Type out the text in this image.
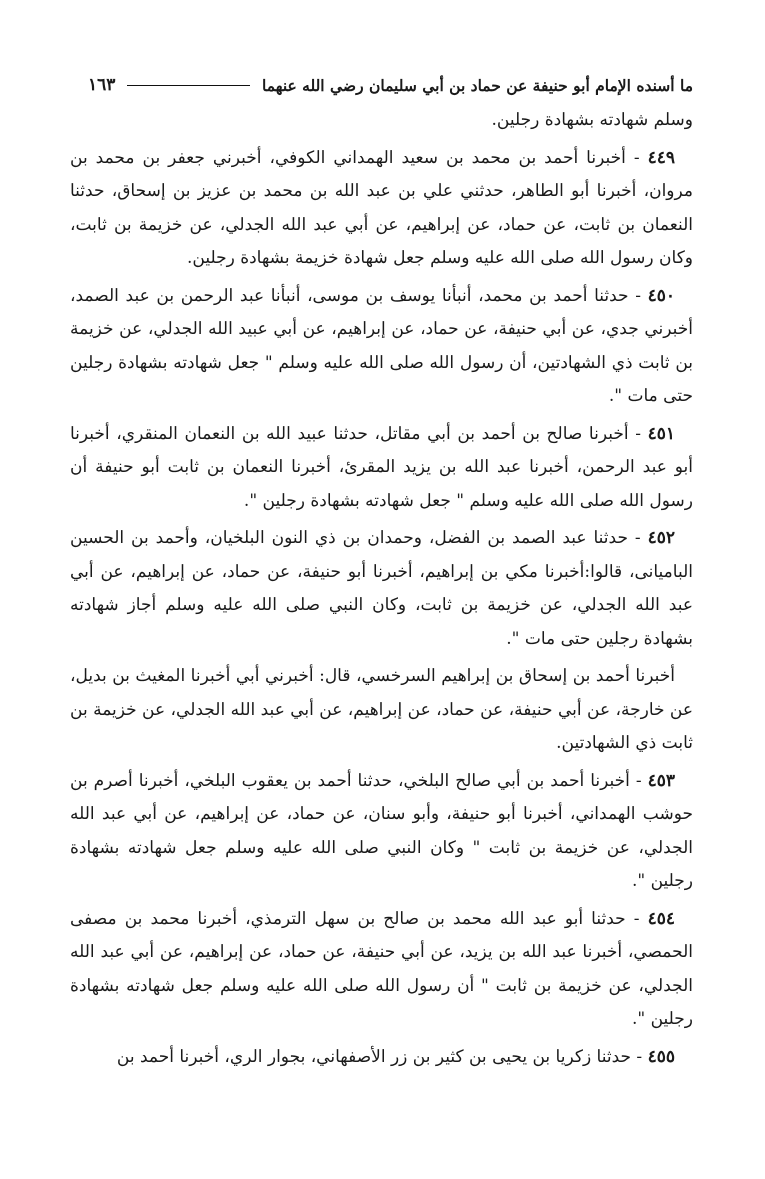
ما أسنده الإمام أبو حنيفة عن حماد بن أبي سليمان رضي الله عنهما
١٦٣

وسلم شهادته بشهادة رجلين.

٤٤٩ - أخبرنا أحمد بن محمد بن سعيد الهمداني الكوفي، أخبرني جعفر بن محمد بن مروان، أخبرنا أبو الطاهر، حدثني علي بن عبد الله بن محمد بن عزيز بن إسحاق، حدثنا النعمان بن ثابت، عن حماد، عن إبراهيم، عن أبي عبد الله الجدلي، عن خزيمة بن ثابت، وكان رسول الله صلى الله عليه وسلم جعل شهادة خزيمة بشهادة رجلين.

٤٥٠ - حدثنا أحمد بن محمد، أنبأنا يوسف بن موسى، أنبأنا عبد الرحمن بن عبد الصمد، أخبرني جدي، عن أبي حنيفة، عن حماد، عن إبراهيم، عن أبي عبيد الله الجدلي، عن خزيمة بن ثابت ذي الشهادتين، أن رسول الله صلى الله عليه وسلم " جعل شهادته بشهادة رجلين حتى مات ".

٤٥١ - أخبرنا صالح بن أحمد بن أبي مقاتل، حدثنا عبيد الله بن النعمان المنقري، أخبرنا أبو عبد الرحمن، أخبرنا عبد الله بن يزيد المقرئ، أخبرنا النعمان بن ثابت أبو حنيفة أن رسول الله صلى الله عليه وسلم " جعل شهادته بشهادة رجلين ".

٤٥٢ - حدثنا عبد الصمد بن الفضل، وحمدان بن ذي النون البلخيان، وأحمد بن الحسين الباميانى، قالوا:أخبرنا مكي بن إبراهيم، أخبرنا أبو حنيفة، عن حماد، عن إبراهيم، عن أبي عبد الله الجدلي، عن خزيمة بن ثابت، وكان النبي صلى الله عليه وسلم أجاز شهادته بشهادة رجلين حتى مات ".

أخبرنا أحمد بن إسحاق بن إبراهيم السرخسي، قال: أخبرني أبي أخبرنا المغيث بن بديل، عن خارجة، عن أبي حنيفة، عن حماد، عن إبراهيم، عن أبي عبد الله الجدلي، عن خزيمة بن ثابت ذي الشهادتين.

٤٥٣ - أخبرنا أحمد بن أبي صالح البلخي، حدثنا أحمد بن يعقوب البلخي، أخبرنا أصرم بن حوشب الهمداني، أخبرنا أبو حنيفة، وأبو سنان، عن حماد، عن إبراهيم، عن أبي عبد الله الجدلي، عن خزيمة بن ثابت " وكان النبي صلى الله عليه وسلم جعل شهادته بشهادة رجلين ".

٤٥٤ - حدثنا أبو عبد الله محمد بن صالح بن سهل الترمذي، أخبرنا محمد بن مصفى الحمصي، أخبرنا عبد الله بن يزيد، عن أبي حنيفة، عن حماد، عن إبراهيم، عن أبي عبد الله الجدلي، عن خزيمة بن ثابت " أن رسول الله صلى الله عليه وسلم جعل شهادته بشهادة رجلين ".

٤٥٥ - حدثنا زكريا بن يحيى بن كثير بن زر الأصفهاني، بجوار الري، أخبرنا أحمد بن
